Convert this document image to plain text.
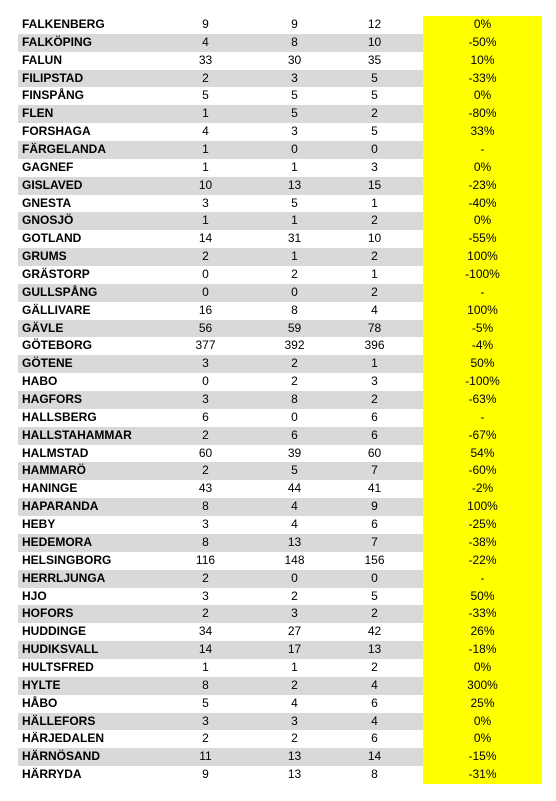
FALKENBERG	9	9	12	0%
FALKÖPING	4	8	10	-50%
FALUN	33	30	35	10%
FILIPSTAD	2	3	5	-33%
FINSPÅNG	5	5	5	0%
FLEN	1	5	2	-80%
FORSHAGA	4	3	5	33%
FÄRGELANDA	1	0	0	-
GAGNEF	1	1	3	0%
GISLAVED	10	13	15	-23%
GNESTA	3	5	1	-40%
GNOSJÖ	1	1	2	0%
GOTLAND	14	31	10	-55%
GRUMS	2	1	2	100%
GRÄSTORP	0	2	1	-100%
GULLSPÅNG	0	0	2	-
GÄLLIVARE	16	8	4	100%
GÄVLE	56	59	78	-5%
GÖTEBORG	377	392	396	-4%
GÖTENE	3	2	1	50%
HABO	0	2	3	-100%
HAGFORS	3	8	2	-63%
HALLSBERG	6	0	6	-
HALLSTAHAMMAR	2	6	6	-67%
HALMSTAD	60	39	60	54%
HAMMARÖ	2	5	7	-60%
HANINGE	43	44	41	-2%
HAPARANDA	8	4	9	100%
HEBY	3	4	6	-25%
HEDEMORA	8	13	7	-38%
HELSINGBORG	116	148	156	-22%
HERRLJUNGA	2	0	0	-
HJO	3	2	5	50%
HOFORS	2	3	2	-33%
HUDDINGE	34	27	42	26%
HUDIKSVALL	14	17	13	-18%
HULTSFRED	1	1	2	0%
HYLTE	8	2	4	300%
HÅBO	5	4	6	25%
HÄLLEFORS	3	3	4	0%
HÄRJEDALEN	2	2	6	0%
HÄRNÖSAND	11	13	14	-15%
HÄRRYDA	9	13	8	-31%
